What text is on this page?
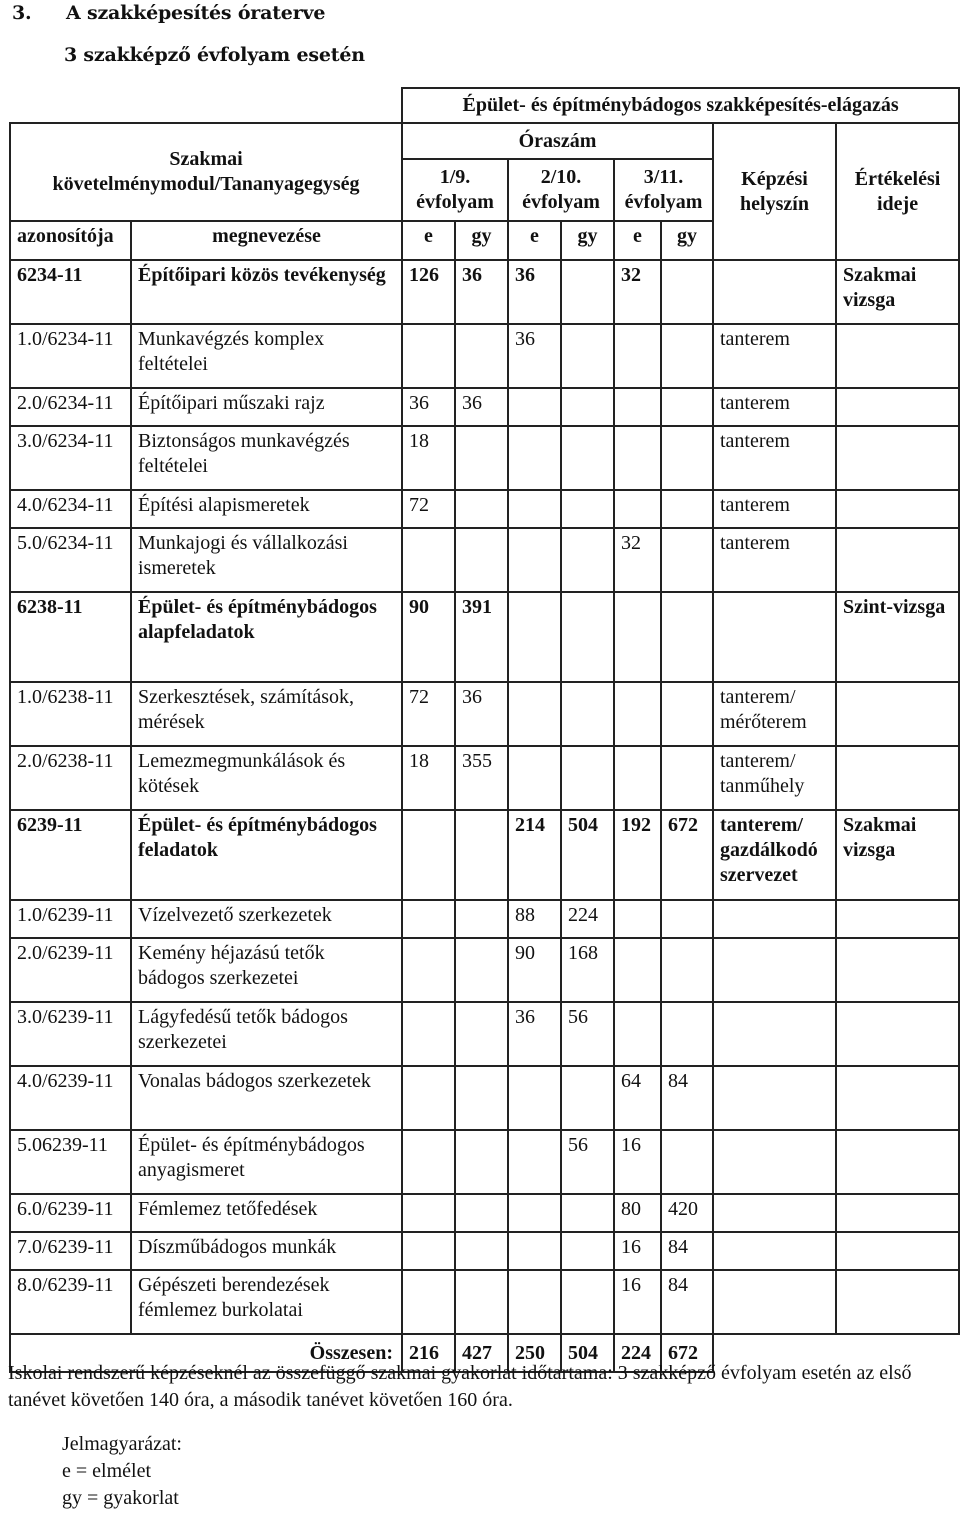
3. A szakképesítés óraterve
3 szakképző évfolyam esetén
		Épület- és építménybádogos szakképesítés-elágazás							
Szakmai követelménymodul/Tananyagegység		Óraszám						Képzési helyszín	Értékelési ideje
		1/9. évfolyam		2/10. évfolyam		3/11. évfolyam			
azonosítója	megnevezése	e	gy	e	gy	e	gy		
6234-11	Építőipari közös tevékenység	126	36	36		32			Szakmai vizsga
1.0/6234-11	Munkavégzés komplex feltételei			36				tanterem	
2.0/6234-11	Építőipari műszaki rajz	36	36					tanterem	
3.0/6234-11	Biztonságos munkavégzés feltételei	18						tanterem	
4.0/6234-11	Építési alapismeretek	72						tanterem	
5.0/6234-11	Munkajogi és vállalkozási ismeretek					32		tanterem	
6238-11	Épület- és építménybádogos alapfeladatok	90	391						Szint-vizsga
1.0/6238-11	Szerkesztések, számítások, mérések	72	36					tanterem/ mérőterem	
2.0/6238-11	Lemezmegmunkálások és kötések	18	355					tanterem/ tanműhely	
6239-11	Épület- és építménybádogos feladatok			214	504	192	672	tanterem/ gazdálkodó szervezet	Szakmai vizsga
1.0/6239-11	Vízelvezető szerkezetek			88	224				
2.0/6239-11	Kemény héjazású tetők bádogos szerkezetei			90	168				
3.0/6239-11	Lágyfedésű tetők bádogos szerkezetei			36	56				
4.0/6239-11	Vonalas bádogos szerkezetek					64	84		
5.06239-11	Épület- és építménybádogos anyagismeret				56	16			
6.0/6239-11	Fémlemez tetőfedések					80	420		
7.0/6239-11	Díszműbádogos munkák					16	84		
8.0/6239-11	Gépészeti berendezések fémlemez burkolatai					16	84		
Összesen:		216	427	250	504	224	672		
Iskolai rendszerű képzéseknél az összefüggő szakmai gyakorlat időtartama: 3 szakképző évfolyam esetén az első tanévet követően 140 óra, a második tanévet követően 160 óra.
Jelmagyarázat:
e = elmélet
gy = gyakorlat
